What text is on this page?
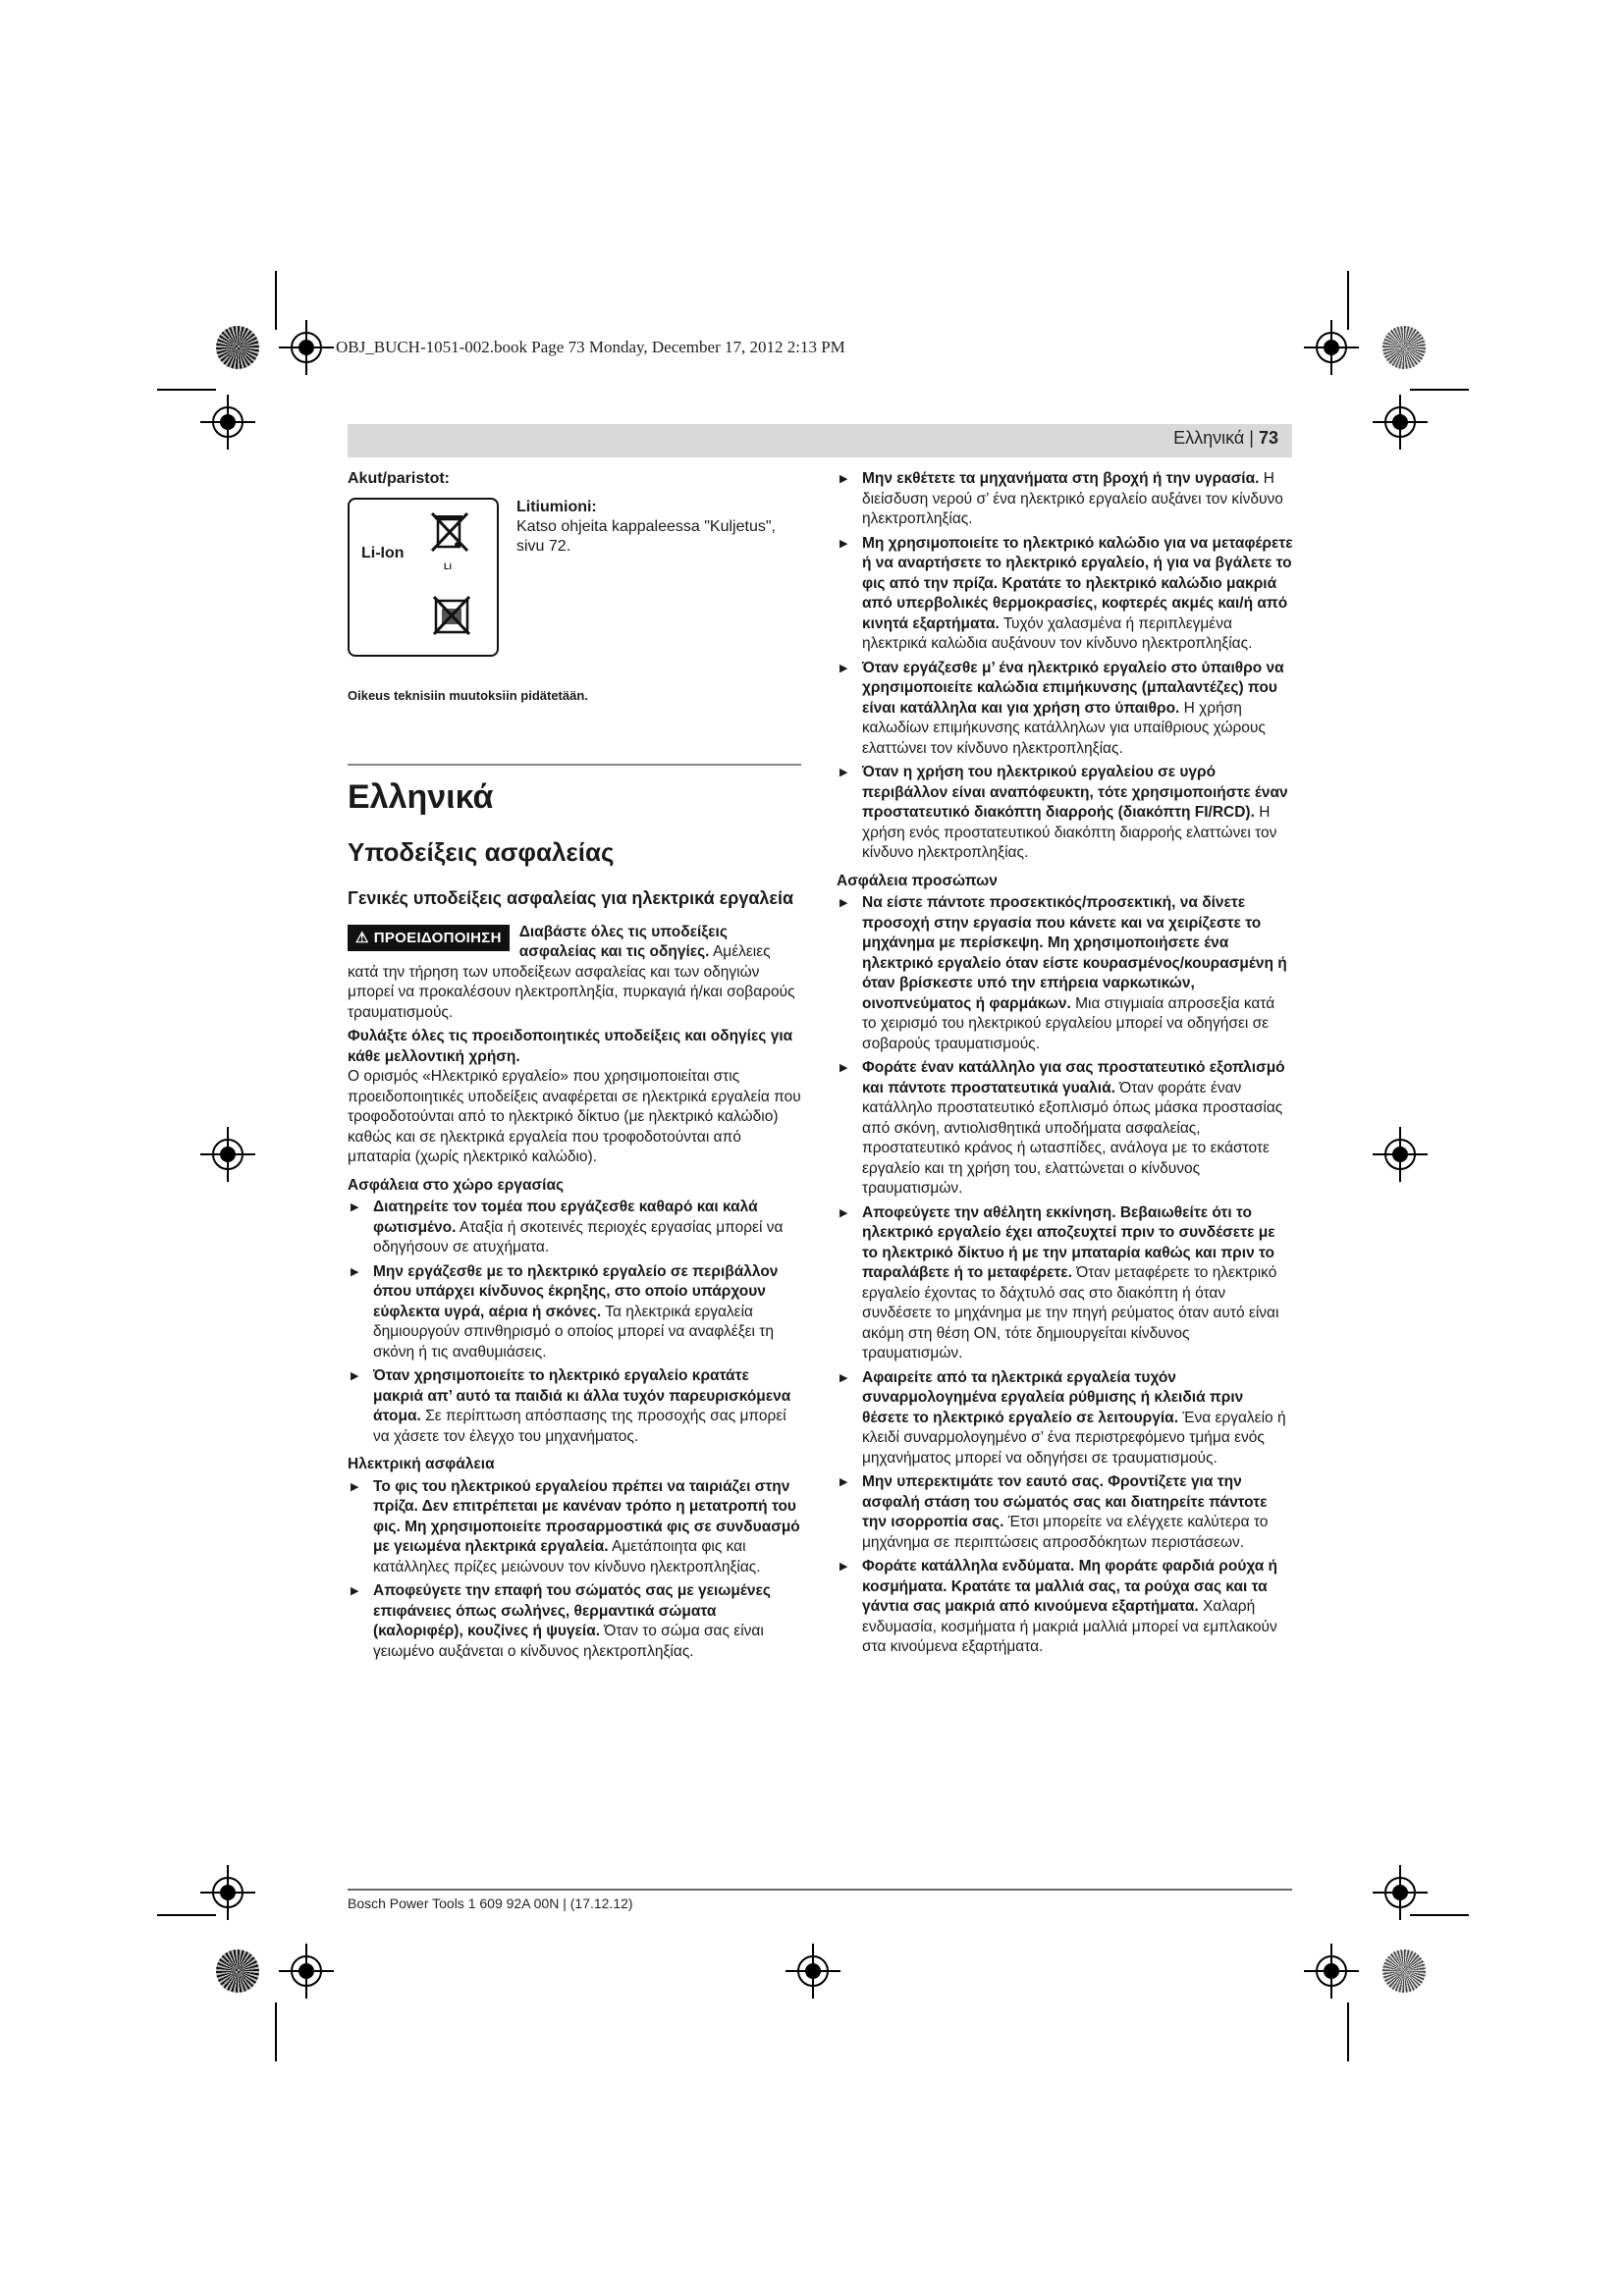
OBJ_BUCH-1051-002.book Page 73 Monday, December 17, 2012 2:13 PM
Ελληνικά | 73
Akut/paristot:
Li-Ion
Li
Litiumioni:
Katso ohjeita kappaleessa "Kuljetus", sivu 72.
Oikeus teknisiin muutoksiin pidätetään.
Ελληνικά
Υποδείξεις ασφαλείας
Γενικές υποδείξεις ασφαλείας για ηλεκτρικά εργαλεία
⚠ ΠΡΟΕΙΔΟΠΟΙΗΣΗ	Διαβάστε όλες τις υποδείξεις ασφαλείας και τις οδηγίες. Αμέλειες κατά την τήρηση των υποδείξεων ασφαλείας και των οδηγιών μπορεί να προκαλέσουν ηλεκτροπληξία, πυρκαγιά ή/και σοβαρούς τραυματισμούς.

Φυλάξτε όλες τις προειδοποιητικές υποδείξεις και οδηγίες για κάθε μελλοντική χρήση.

Ο ορισμός «Ηλεκτρικό εργαλείο» που χρησιμοποιείται στις προειδοποιητικές υποδείξεις αναφέρεται σε ηλεκτρικά εργαλεία που τροφοδοτούνται από το ηλεκτρικό δίκτυο (με ηλεκτρικό καλώδιο) καθώς και σε ηλεκτρικά εργαλεία που τροφοδοτούνται από μπαταρία (χωρίς ηλεκτρικό καλώδιο).

Ασφάλεια στο χώρο εργασίας
▶ Διατηρείτε τον τομέα που εργάζεσθε καθαρό και καλά φωτισμένο. Αταξία ή σκοτεινές περιοχές εργασίας μπορεί να οδηγήσουν σε ατυχήματα.
▶ Μην εργάζεσθε με το ηλεκτρικό εργαλείο σε περιβάλλον όπου υπάρχει κίνδυνος έκρηξης, στο οποίο υπάρχουν εύφλεκτα υγρά, αέρια ή σκόνες. Τα ηλεκτρικά εργαλεία δημιουργούν σπινθηρισμό ο οποίος μπορεί να αναφλέξει τη σκόνη ή τις αναθυμιάσεις.
▶ Όταν χρησιμοποιείτε το ηλεκτρικό εργαλείο κρατάτε μακριά απ’ αυτό τα παιδιά κι άλλα τυχόν παρευρισκόμενα άτομα. Σε περίπτωση απόσπασης της προσοχής σας μπορεί να χάσετε τον έλεγχο του μηχανήματος.
Ηλεκτρική ασφάλεια
▶ Το φις του ηλεκτρικού εργαλείου πρέπει να ταιριάζει στην πρίζα. Δεν επιτρέπεται με κανέναν τρόπο η μετατροπή του φις. Μη χρησιμοποιείτε προσαρμοστικά φις σε συνδυασμό με γειωμένα ηλεκτρικά εργαλεία. Αμετάποιητα φις και κατάλληλες πρίζες μειώνουν τον κίνδυνο ηλεκτροπληξίας.
▶ Αποφεύγετε την επαφή του σώματός σας με γειωμένες επιφάνειες όπως σωλήνες, θερμαντικά σώματα (καλοριφέρ), κουζίνες ή ψυγεία. Όταν το σώμα σας είναι γειωμένο αυξάνεται ο κίνδυνος ηλεκτροπληξίας.
▶ Μην εκθέτετε τα μηχανήματα στη βροχή ή την υγρασία. Η διείσδυση νερού σ’ ένα ηλεκτρικό εργαλείο αυξάνει τον κίνδυνο ηλεκτροπληξίας.
▶ Μη χρησιμοποιείτε το ηλεκτρικό καλώδιο για να μεταφέρετε ή να αναρτήσετε το ηλεκτρικό εργαλείο, ή για να βγάλετε το φις από την πρίζα. Κρατάτε το ηλεκτρικό καλώδιο μακριά από υπερβολικές θερμοκρασίες, κοφτερές ακμές και/ή από κινητά εξαρτήματα. Τυχόν χαλασμένα ή περιπλεγμένα ηλεκτρικά καλώδια αυξάνουν τον κίνδυνο ηλεκτροπληξίας.
▶ Όταν εργάζεσθε μ’ ένα ηλεκτρικό εργαλείο στο ύπαιθρο να χρησιμοποιείτε καλώδια επιμήκυνσης (μπαλαντέζες) που είναι κατάλληλα και για χρήση στο ύπαιθρο. Η χρήση καλωδίων επιμήκυνσης κατάλληλων για υπαίθριους χώρους ελαττώνει τον κίνδυνο ηλεκτροπληξίας.
▶ Όταν η χρήση του ηλεκτρικού εργαλείου σε υγρό περιβάλλον είναι αναπόφευκτη, τότε χρησιμοποιήστε έναν προστατευτικό διακόπτη διαρροής (διακόπτη FI/RCD). Η χρήση ενός προστατευτικού διακόπτη διαρροής ελαττώνει τον κίνδυνο ηλεκτροπληξίας.
Ασφάλεια προσώπων
▶ Να είστε πάντοτε προσεκτικός/προσεκτική, να δίνετε προσοχή στην εργασία που κάνετε και να χειρίζεστε το μηχάνημα με περίσκεψη. Μη χρησιμοποιήσετε ένα ηλεκτρικό εργαλείο όταν είστε κουρασμένος/κουρασμένη ή όταν βρίσκεστε υπό την επήρεια ναρκωτικών, οινοπνεύματος ή φαρμάκων. Μια στιγμιαία απροσεξία κατά το χειρισμό του ηλεκτρικού εργαλείου μπορεί να οδηγήσει σε σοβαρούς τραυματισμούς.
▶ Φοράτε έναν κατάλληλο για σας προστατευτικό εξοπλισμό και πάντοτε προστατευτικά γυαλιά. Όταν φοράτε έναν κατάλληλο προστατευτικό εξοπλισμό όπως μάσκα προστασίας από σκόνη, αντιολισθητικά υποδήματα ασφαλείας, προστατευτικό κράνος ή ωτασπίδες, ανάλογα με το εκάστοτε εργαλείο και τη χρήση του, ελαττώνεται ο κίνδυνος τραυματισμών.
▶ Αποφεύγετε την αθέλητη εκκίνηση. Βεβαιωθείτε ότι το ηλεκτρικό εργαλείο έχει αποζευχτεί πριν το συνδέσετε με το ηλεκτρικό δίκτυο ή με την μπαταρία καθώς και πριν το παραλάβετε ή το μεταφέρετε. Όταν μεταφέρετε το ηλεκτρικό εργαλείο έχοντας το δάχτυλό σας στο διακόπτη ή όταν συνδέσετε το μηχάνημα με την πηγή ρεύματος όταν αυτό είναι ακόμη στη θέση ON, τότε δημιουργείται κίνδυνος τραυματισμών.
▶ Αφαιρείτε από τα ηλεκτρικά εργαλεία τυχόν συναρμολογημένα εργαλεία ρύθμισης ή κλειδιά πριν θέσετε το ηλεκτρικό εργαλείο σε λειτουργία. Ένα εργαλείο ή κλειδί συναρμολογημένο σ’ ένα περιστρεφόμενο τμήμα ενός μηχανήματος μπορεί να οδηγήσει σε τραυματισμούς.
▶ Μην υπερεκτιμάτε τον εαυτό σας. Φροντίζετε για την ασφαλή στάση του σώματός σας και διατηρείτε πάντοτε την ισορροπία σας. Έτσι μπορείτε να ελέγχετε καλύτερα το μηχάνημα σε περιπτώσεις απροσδόκητων περιστάσεων.
▶ Φοράτε κατάλληλα ενδύματα. Μη φοράτε φαρδιά ρούχα ή κοσμήματα. Κρατάτε τα μαλλιά σας, τα ρούχα σας και τα γάντια σας μακριά από κινούμενα εξαρτήματα. Χαλαρή ενδυμασία, κοσμήματα ή μακριά μαλλιά μπορεί να εμπλακούν στα κινούμενα εξαρτήματα.
Bosch Power Tools 1 609 92A 00N | (17.12.12)
